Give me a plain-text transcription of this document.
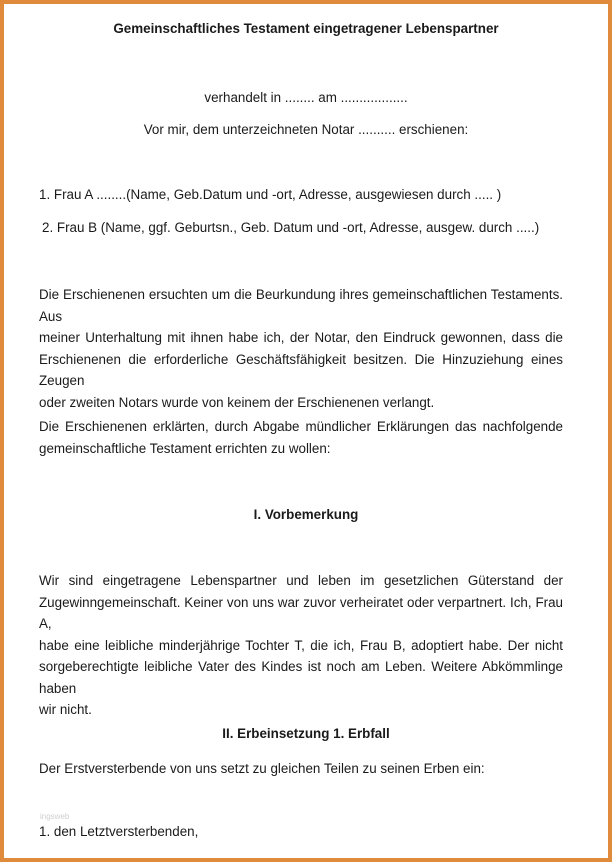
Gemeinschaftliches Testament eingetragener Lebenspartner
verhandelt in ........ am ..................
Vor mir, dem unterzeichneten Notar .......... erschienen:
1. Frau A ........(Name, Geb.Datum und -ort, Adresse, ausgewiesen durch ..... )
2. Frau B (Name, ggf. Geburtsn., Geb. Datum und -ort, Adresse, ausgew. durch .....)
Die Erschienenen ersuchten um die Beurkundung ihres gemeinschaftlichen Testaments. Aus
meiner Unterhaltung mit ihnen habe ich, der Notar, den Eindruck gewonnen, dass die
Erschienenen die erforderliche Geschäftsfähigkeit besitzen. Die Hinzuziehung eines Zeugen
oder zweiten Notars wurde von keinem der Erschienenen verlangt.
Die Erschienenen erklärten, durch Abgabe mündlicher Erklärungen das nachfolgende
gemeinschaftliche Testament errichten zu wollen:
I. Vorbemerkung
Wir sind eingetragene Lebenspartner und leben im gesetzlichen Güterstand der
Zugewinngemeinschaft. Keiner von uns war zuvor verheiratet oder verpartnert. Ich, Frau A,
habe eine leibliche minderjährige Tochter T, die ich, Frau B, adoptiert habe. Der nicht
sorgeberechtigte leibliche Vater des Kindes ist noch am Leben. Weitere Abkömmlinge haben
wir nicht.
II. Erbeinsetzung 1. Erbfall
Der Erstversterbende von uns setzt zu gleichen Teilen zu seinen Erben ein:
ingsweb
1. den Letztversterbenden,
